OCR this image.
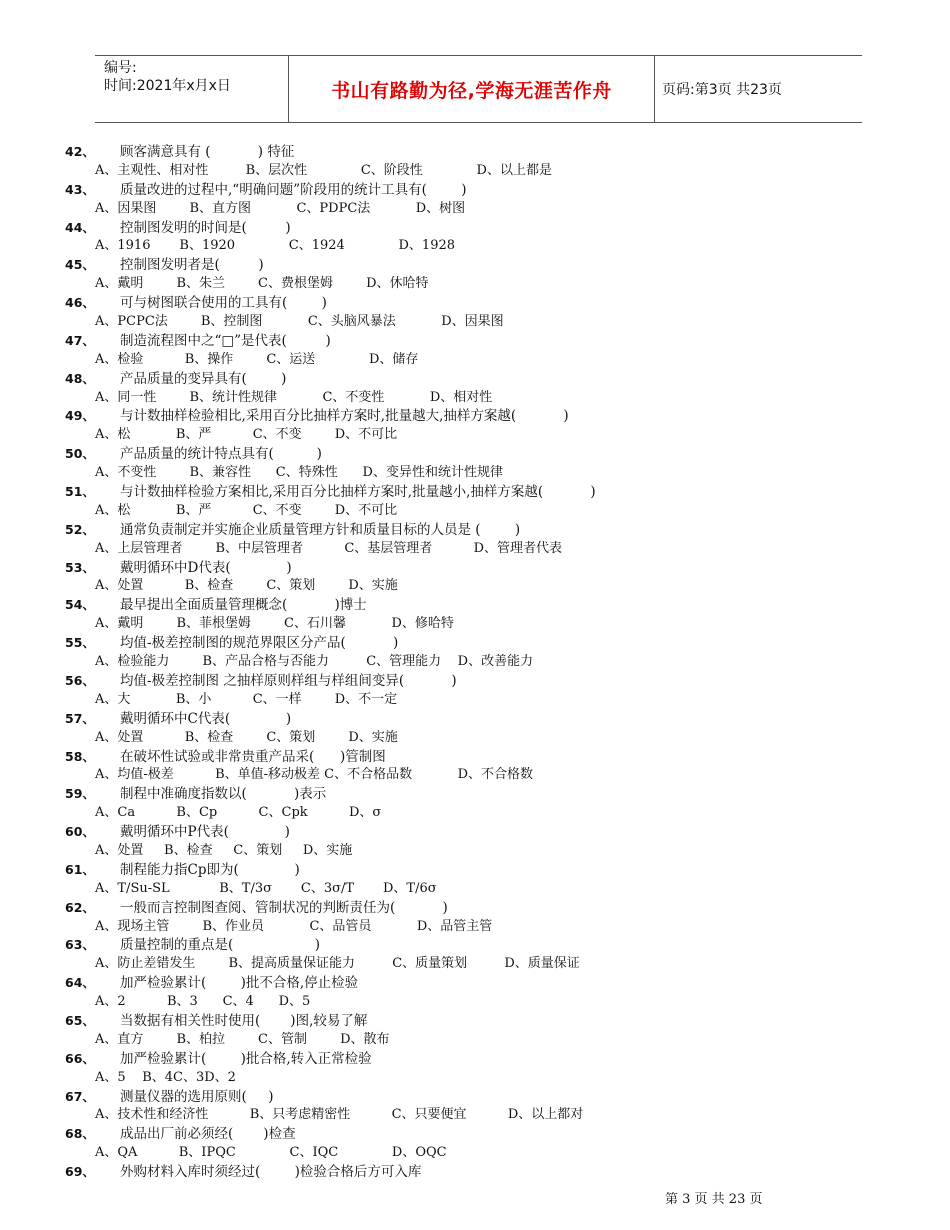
编号:
时间:2021年x月x日	书山有路勤为径,学海无涯苦作舟	页码:第3页 共23页
42、 顾客满意具有 (           ) 特征
A、主观性、相对性         B、层次性             C、阶段性             D、以上都是
43、 质量改进的过程中,“明确问题”阶段用的统计工具有(        )
A、因果图        B、直方图           C、PDPC法           D、树图
44、 控制图发明的时间是(         )
A、1916       B、1920             C、1924             D、1928
45、 控制图发明者是(         )
A、戴明        B、朱兰        C、费根堡姆        D、休哈特
46、 可与树图联合使用的工具有(        )
A、PCPC法        B、控制图           C、头脑风暴法           D、因果图
47、 制造流程图中之“□”是代表(         )
A、检验          B、操作        C、运送             D、储存
48、 产品质量的变异具有(        )
A、同一性        B、统计性规律           C、不变性           D、相对性
49、 与计数抽样检验相比,采用百分比抽样方案时,批量越大,抽样方案越(           )
A、松           B、严          C、不变        D、不可比
50、 产品质量的统计特点具有(          )
A、不变性        B、兼容性      C、特殊性      D、变异性和统计性规律
51、 与计数抽样检验方案相比,采用百分比抽样方案时,批量越小,抽样方案越(           )
A、松           B、严          C、不变        D、不可比
52、 通常负责制定并实施企业质量管理方针和质量目标的人员是 (        )
A、上层管理者        B、中层管理者          C、基层管理者          D、管理者代表
53、 戴明循环中D代表(             )
A、处置          B、检查        C、策划        D、实施
54、 最早提出全面质量管理概念(           )博士
A、戴明        B、菲根堡姆        C、石川馨           D、修哈特
55、 均值-极差控制图的规范界限区分产品(           )
A、检验能力        B、产品合格与否能力         C、管理能力    D、改善能力
56、 均值-极差控制图 之抽样原则样组与样组间变异(           )
A、大           B、小          C、一样        D、不一定
57、 戴明循环中C代表(             )
A、处置          B、检查        C、策划        D、实施
58、 在破坏性试验或非常贵重产品采(      )管制图
A、均值-极差          B、单值-移动极差 C、不合格品数           D、不合格数
59、 制程中准确度指数以(           )表示
A、Ca          B、Cp          C、Cpk          D、σ
60、 戴明循环中P代表(             )
A、处置     B、检查     C、策划     D、实施
61、 制程能力指Cp即为(             )
A、T/Su-SL            B、T/3σ       C、3σ/T       D、T/6σ
62、 一般而言控制图查阅、管制状况的判断责任为(           )
A、现场主管        B、作业员           C、品管员           D、品管主管
63、 质量控制的重点是(                   )
A、防止差错发生        B、提高质量保证能力         C、质量策划         D、质量保证
64、 加严检验累计(        )批不合格,停止检验
A、2          B、3      C、4      D、5
65、 当数据有相关性时使用(       )图,较易了解
A、直方        B、柏拉        C、管制        D、散布
66、 加严检验累计(        )批合格,转入正常检验
A、5    B、4C、3D、2
67、 测量仪器的选用原则(     )
A、技术性和经济性          B、只考虑精密性          C、只要便宜          D、以上都对
68、 成品出厂前必须经(       )检查
A、QA          B、IPQC             C、IQC             D、OQC
69、 外购材料入库时须经过(        )检验合格后方可入库
第 3 页 共 23 页
